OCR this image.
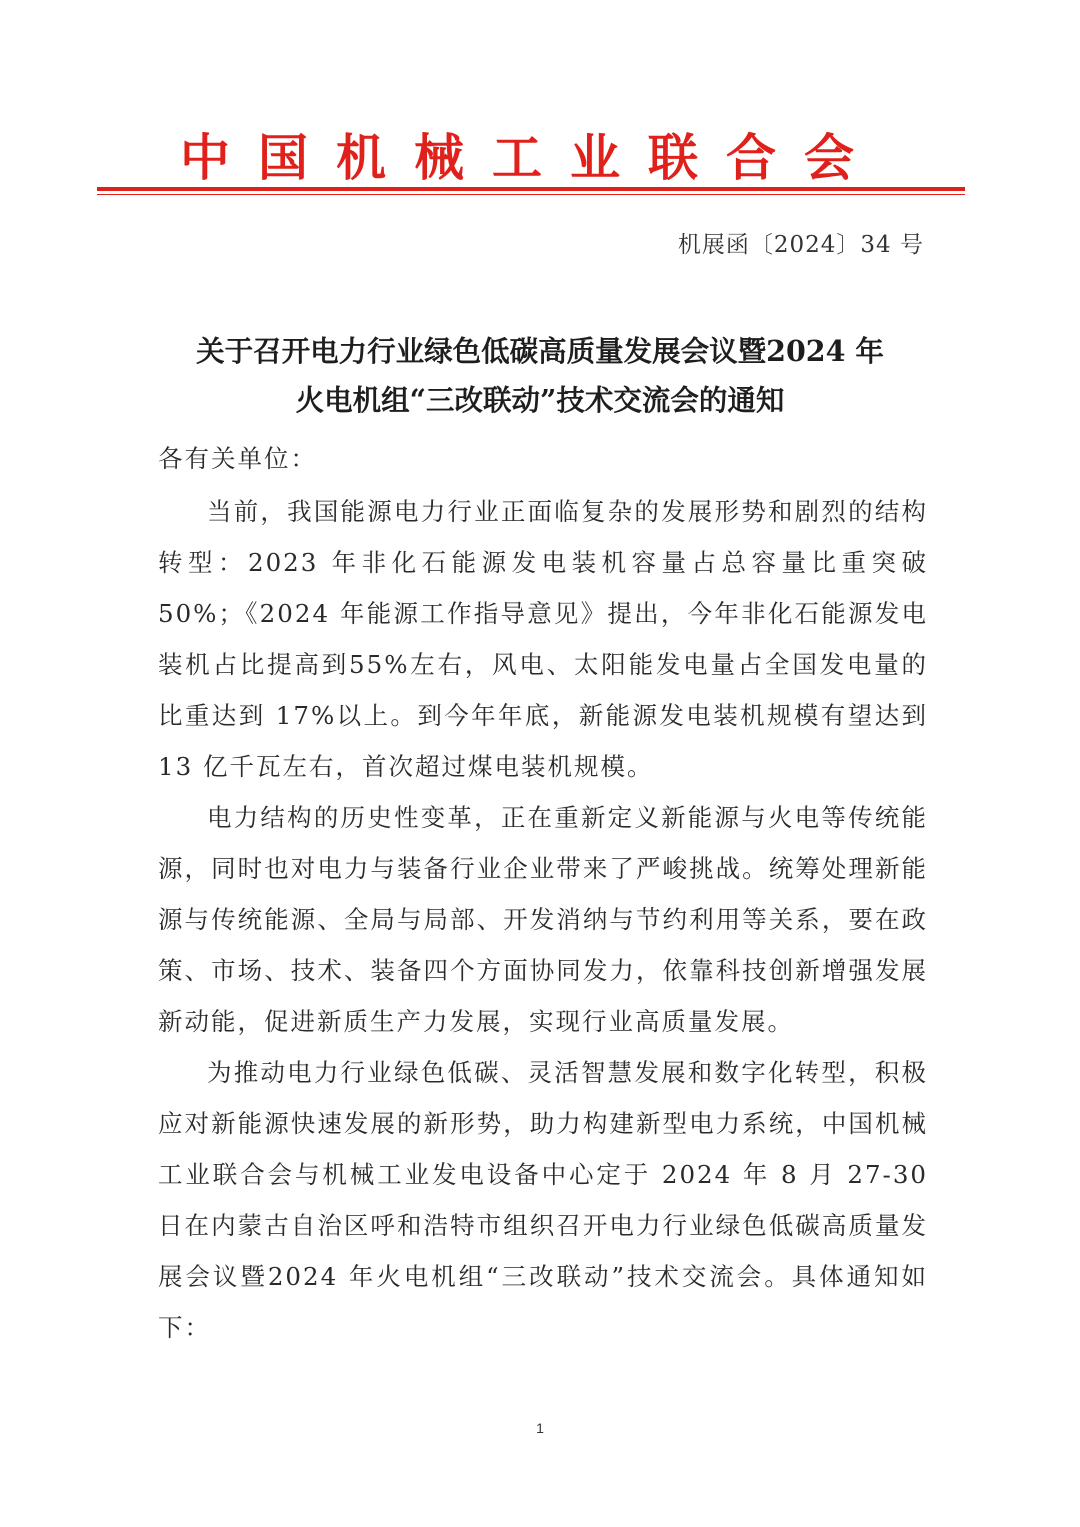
中国机械工业联合会
机展函〔2024〕34 号
关于召开电力行业绿色低碳高质量发展会议暨2024 年
火电机组“三改联动”技术交流会的通知

各有关单位：

当前，我国能源电力行业正面临复杂的发展形势和剧烈的结构转型：2023 年非化石能源发电装机容量占总容量比重突破 50%；《2024 年能源工作指导意见》提出，今年非化石能源发电装机占比提高到55%左右，风电、太阳能发电量占全国发电量的比重达到 17%以上。到今年年底，新能源发电装机规模有望达到 13 亿千瓦左右，首次超过煤电装机规模。

电力结构的历史性变革，正在重新定义新能源与火电等传统能源，同时也对电力与装备行业企业带来了严峻挑战。统筹处理新能源与传统能源、全局与局部、开发消纳与节约利用等关系，要在政策、市场、技术、装备四个方面协同发力，依靠科技创新增强发展新动能，促进新质生产力发展，实现行业高质量发展。

为推动电力行业绿色低碳、灵活智慧发展和数字化转型，积极应对新能源快速发展的新形势，助力构建新型电力系统，中国机械工业联合会与机械工业发电设备中心定于 2024 年 8 月 27-30 日在内蒙古自治区呼和浩特市组织召开电力行业绿色低碳高质量发展会议暨2024 年火电机组“三改联动”技术交流会。具体通知如下：

1
